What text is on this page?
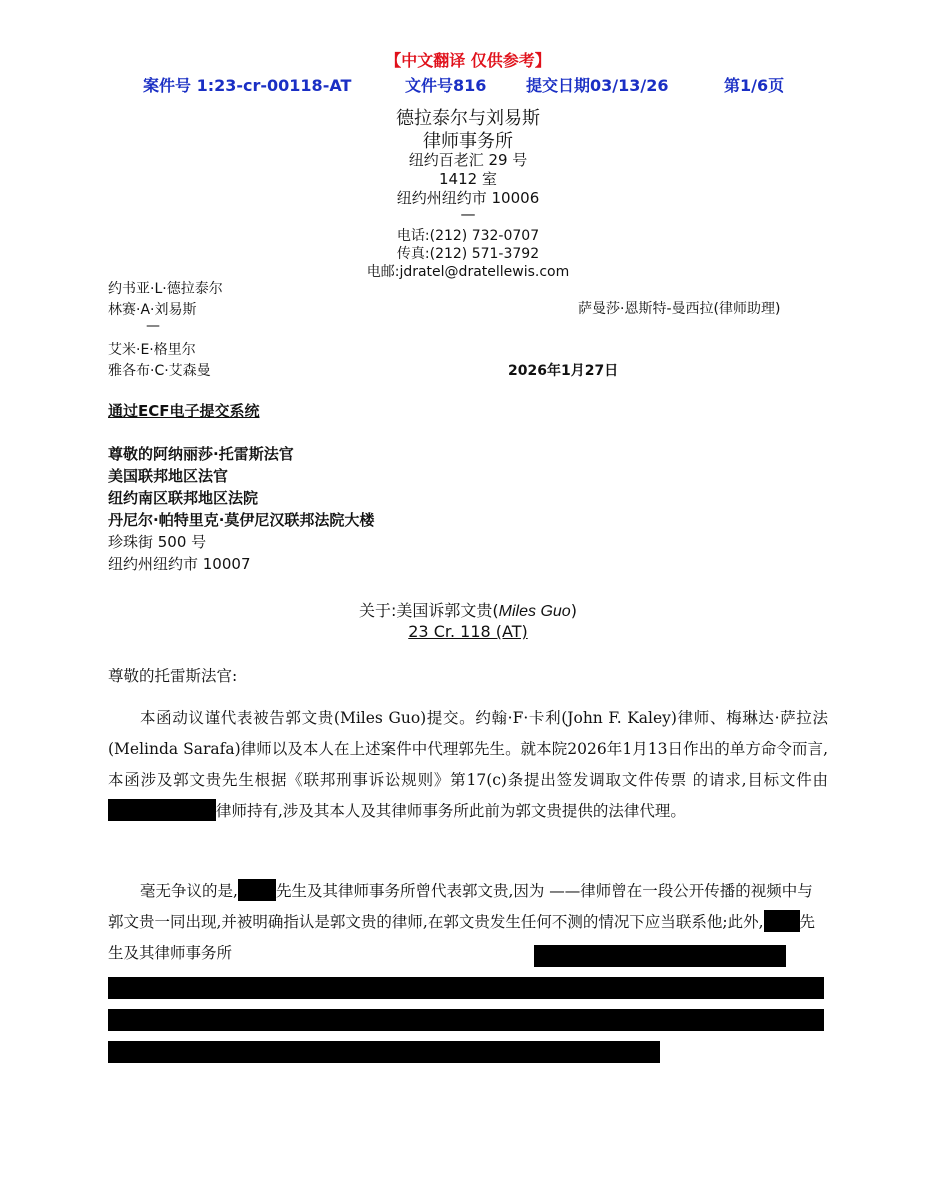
【中文翻译 仅供参考】
案件号 1:23-cr-00118-AT	文件号816 提交日期03/13/26	第1/6页
德拉泰尔与刘易斯
律师事务所
纽约百老汇 29 号
1412 室
纽约州纽约市 10006
—
电话:(212) 732-0707
传真:(212) 571-3792
电邮:jdratel@dratellewis.com
约书亚·L·德拉泰尔
林赛·A·刘易斯	萨曼莎·恩斯特-曼西拉(律师助理)
—
艾米·E·格里尔
雅各布·C·艾森曼	2026年1月27日
通过ECF电子提交系统
尊敬的阿纳丽莎·托雷斯法官
美国联邦地区法官
纽约南区联邦地区法院
丹尼尔·帕特里克·莫伊尼汉联邦法院大楼
珍珠街 500 号
纽约州纽约市 10007
关于:美国诉郭文贵(Miles Guo)
23 Cr. 118 (AT)
尊敬的托雷斯法官:

本函动议谨代表被告郭文贵(Miles Guo)提交。约翰·F·卡利(John F. Kaley)律师、梅琳达·萨拉法(Melinda Sarafa)律师以及本人在上述案件中代理郭先生。就本院2026年1月13日作出的单方命令而言,本函涉及郭文贵先生根据《联邦刑事诉讼规则》第17(c)条提出签发调取文件传票 的请求,目标文件由律师持有,涉及其本人及其律师事务所此前为郭文贵提供的法律代理。

毫无争议的是, 先生及其律师事务所曾代表郭文贵,因为 ——律师曾在一段公开传播的视频中与郭文贵一同出现,并被明确指认是郭文贵的律师,在郭文贵发生任何不测的情况下应当联系他;此外, 先生及其律师事务所
